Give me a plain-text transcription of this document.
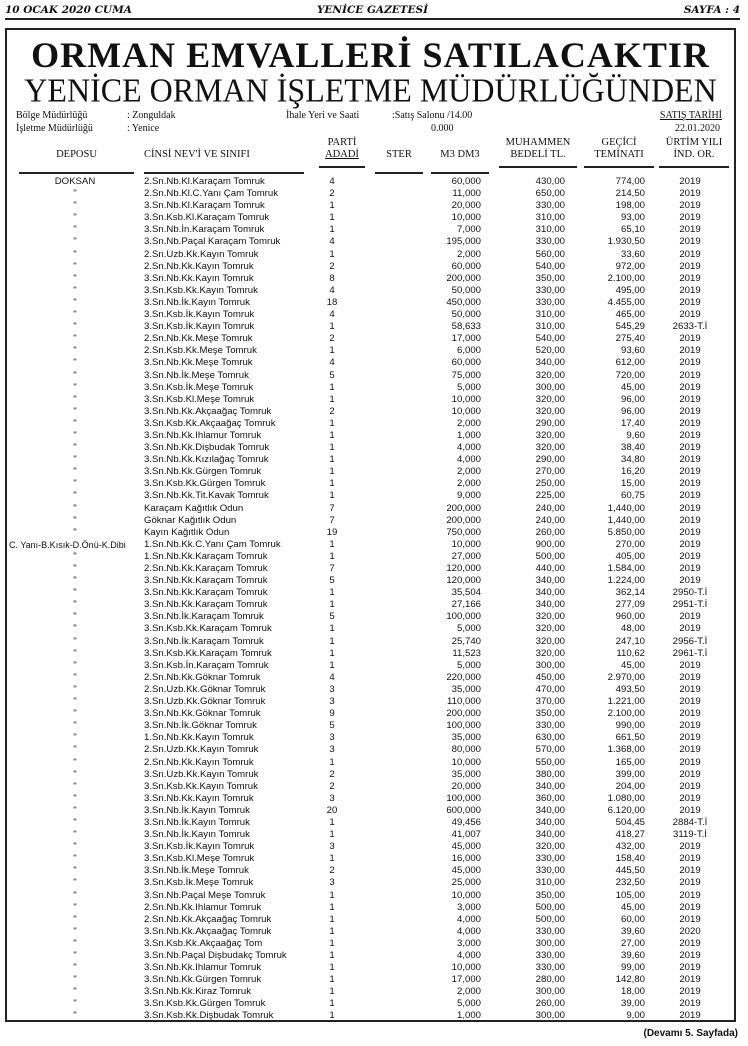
10 OCAK 2020 CUMA	YENİCE GAZETESİ	SAYFA : 4
ORMAN EMVALLERİ SATILACAKTIR
YENİCE ORMAN İŞLETME MÜDÜRLÜĞÜNDEN
Bölge Müdürlüğü	: Zonguldak
İşletme Müdürlüğü	: Yenice
İhale Yeri ve Saati	:Satış Salonu /14.00
0.000
SATIŞ TARİHİ
22.01.2020
DEPOSU	CİNSİ NEV'İ VE SINIFI
PARTİ
ADADİ	STER	M3 DM3
MUHAMMEN
BEDELİ TL.
GEÇİCİ
TEMİNATI
ÜRTİM YILI
İND. OR.
DOKSAN	2.Sn.Nb.Kl.Karaçam Tomruk	4	60,000	430,00	774,00	2019
"	2.Sn.Nb.Kl.C.Yanı Çam Tomruk	2	11,000	650,00	214,50	2019
"	3.Sn.Nb.Kl.Karaçam Tomruk	1	20,000	330,00	198,00	2019
"	3.Sn.Ksb.Kl.Karaçam Tomruk	1	10,000	310,00	93,00	2019
"	3.Sn.Nb.İn.Karaçam Tomruk	1	7,000	310,00	65,10	2019
"	3.Sn.Nb.Paçal Karaçam Tomruk	4	195,000	330,00	1.930,50	2019
"	2.Sn.Uzb.Kk.Kayın Tomruk	1	2,000	560,00	33,60	2019
"	2.Sn.Nb.Kk.Kayın Tomruk	2	60,000	540,00	972,00	2019
"	3.Sn.Nb.Kk.Kayın Tomruk	8	200,000	350,00	2.100,00	2019
"	3.Sn.Ksb.Kk.Kayın Tomruk	4	50,000	330,00	495,00	2019
"	3.Sn.Nb.İk.Kayın Tomruk	18	450,000	330,00	4.455,00	2019
"	3.Sn.Ksb.İk.Kayın Tomruk	4	50,000	310,00	465,00	2019
"	3.Sn.Ksb.İk.Kayın Tomruk	1	58,633	310,00	545,29	2633-T.İ
"	2.Sn.Nb.Kk.Meşe Tomruk	2	17,000	540,00	275,40	2019
"	2.Sn.Ksb.Kk.Meşe Tomruk	1	6,000	520,00	93,60	2019
"	3.Sn.Nb.Kk.Meşe Tomruk	4	60,000	340,00	612,00	2019
"	3.Sn.Nb.İk.Meşe Tomruk	5	75,000	320,00	720,00	2019
"	3.Sn.Ksb.İk.Meşe Tomruk	1	5,000	300,00	45,00	2019
"	3.Sn.Ksb.Kl.Meşe Tomruk	1	10,000	320,00	96,00	2019
"	3.Sn.Nb.Kk.Akçaağaç Tomruk	2	10,000	320,00	96,00	2019
"	3.Sn.Ksb.Kk.Akçaağaç Tomruk	1	2,000	290,00	17,40	2019
"	3.Sn.Nb.Kk.Ihlamur Tomruk	1	1,000	320,00	9,60	2019
"	3.Sn.Nb.Kk.Dişbudak Tomruk	1	4,000	320,00	38,40	2019
"	3.Sn.Nb.Kk.Kızılağaç Tomruk	1	4,000	290,00	34,80	2019
"	3.Sn.Nb.Kk.Gürgen Tomruk	1	2,000	270,00	16,20	2019
"	3.Sn.Ksb.Kk.Gürgen Tomruk	1	2,000	250,00	15,00	2019
"	3.Sn.Nb.Kk.Tit.Kavak Tomruk	1	9,000	225,00	60,75	2019
"	Karaçam Kağıtlık Odun	7	200,000	240,00	1,440,00	2019
"	Göknar Kağıtlık Odun	7	200,000	240,00	1,440,00	2019
"	Kayın Kağıtlık Odun	19	750,000	260,00	5.850,00	2019
C. Yanı-B.Kısık-D.Önü-K.Dibi	1.Sn.Nb.Kk.C.Yanı Çam Tomruk	1	10,000	900,00	270,00	2019
"	1.Sn.Nb.Kk.Karaçam Tomruk	1	27,000	500,00	405,00	2019
"	2.Sn.Nb.Kk.Karaçam Tomruk	7	120,000	440,00	1.584,00	2019
"	3.Sn.Nb.Kk.Karaçam Tomruk	5	120,000	340,00	1.224,00	2019
"	3.Sn.Nb.Kk.Karaçam Tomruk	1	35,504	340,00	362,14	2950-T.İ
"	3.Sn.Nb.Kk.Karaçam Tomruk	1	27,166	340,00	277,09	2951-T.İ
"	3.Sn.Nb.İk.Karaçam Tomruk	5	100,000	320,00	960,00	2019
"	3.Sn.Ksb.Kk.Karaçam Tomruk	1	5,000	320,00	48,00	2019
"	3.Sn.Nb.İk.Karaçam Tomruk	1	25,740	320,00	247,10	2956-T.İ
"	3.Sn.Ksb.Kk.Karaçam Tomruk	1	11,523	320,00	110,62	2961-T.İ
"	3.Sn.Ksb.İn.Karaçam Tomruk	1	5,000	300,00	45,00	2019
"	2.Sn.Nb.Kk.Göknar Tomruk	4	220,000	450,00	2.970,00	2019
"	2.Sn.Uzb.Kk.Göknar Tomruk	3	35,000	470,00	493,50	2019
"	3.Sn.Uzb.Kk.Göknar Tomruk	3	110,000	370,00	1.221,00	2019
"	3.Sn.Nb.Kk.Göknar Tomruk	9	200,000	350,00	2.100,00	2019
"	3.Sn.Nb.İk.Göknar Tomruk	5	100,000	330,00	990,00	2019
"	1.Sn.Nb.Kk.Kayın Tomruk	3	35,000	630,00	661,50	2019
"	2.Sn.Uzb.Kk.Kayın Tomruk	3	80,000	570,00	1.368,00	2019
"	2.Sn.Nb.Kk.Kayın Tomruk	1	10,000	550,00	165,00	2019
"	3.Sn.Uzb.Kk.Kayın Tomruk	2	35,000	380,00	399,00	2019
"	3.Sn.Ksb.Kk.Kayın Tomruk	2	20,000	340,00	204,00	2019
"	3.Sn.Nb.Kk.Kayın Tomruk	3	100,000	360,00	1.080,00	2019
"	3.Sn.Nb.İk.Kayın Tomruk	20	600,000	340,00	6.120,00	2019
"	3.Sn.Nb.İk.Kayın Tomruk	1	49,456	340,00	504,45	2884-T.İ
"	3.Sn.Nb.İk.Kayın Tomruk	1	41,007	340,00	418,27	3119-T.İ
"	3.Sn.Ksb.İk.Kayın Tomruk	3	45,000	320,00	432,00	2019
"	3.Sn.Ksb.Kl.Meşe Tomruk	1	16,000	330,00	158,40	2019
"	3.Sn.Nb.İk.Meşe Tomruk	2	45,000	330,00	445,50	2019
"	3.Sn.Ksb.İk.Meşe Tomruk	3	25,000	310,00	232,50	2019
"	3.Sn.Nb.Paçal Meşe Tomruk	1	10,000	350,00	105,00	2019
"	2.Sn.Nb.Kk.Ihlamur Tomruk	1	3,000	500,00	45,00	2019
"	2.Sn.Nb.Kk.Akçaağaç Tomruk	1	4,000	500,00	60,00	2019
"	3.Sn.Nb.Kk.Akçaağaç Tomruk	1	4,000	330,00	39,60	2020
"	3.Sn.Ksb.Kk.Akçaağaç Tom	1	3,000	300,00	27,00	2019
"	3.Sn.Nb.Paçal Dişbudakç Tomruk	1	4,000	330,00	39,60	2019
"	3.Sn.Nb.Kk.Ihlamur Tomruk	1	10,000	330,00	99,00	2019
"	3.Sn.Nb.Kk.Gürgen Tomruk	1	17,000	280,00	142,80	2019
"	3.Sn.Nb.Kk.Kiraz Tomruk	1	2,000	300,00	18,00	2019
"	3.Sn.Ksb.Kk.Gürgen Tomruk	1	5,000	260,00	39,00	2019
"	3.Sn.Ksb.Kk.Dişbudak Tomruk	1	1,000	300,00	9,00	2019
(Devamı 5. Sayfada)
